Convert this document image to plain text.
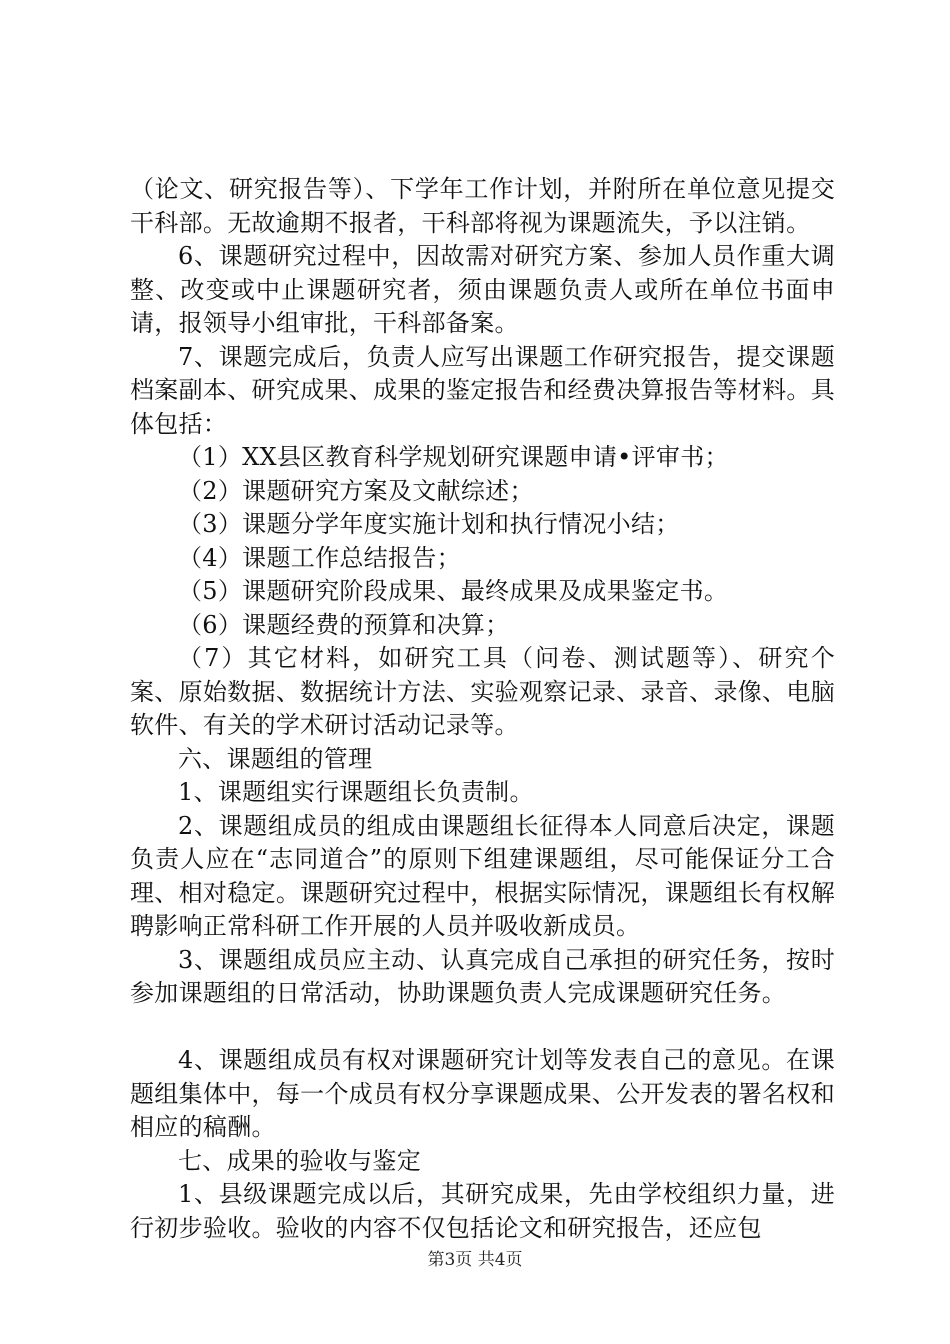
（论文、研究报告等）、下学年工作计划，并附所在单位意见提交干科部。无故逾期不报者，干科部将视为课题流失，予以注销。

6、课题研究过程中，因故需对研究方案、参加人员作重大调整、改变或中止课题研究者，须由课题负责人或所在单位书面申请，报领导小组审批，干科部备案。

7、课题完成后，负责人应写出课题工作研究报告，提交课题档案副本、研究成果、成果的鉴定报告和经费决算报告等材料。具体包括：

（1）XX县区教育科学规划研究课题申请•评审书；

（2）课题研究方案及文献综述；

（3）课题分学年度实施计划和执行情况小结；

（4）课题工作总结报告；

（5）课题研究阶段成果、最终成果及成果鉴定书。

（6）课题经费的预算和决算；

（7）其它材料，如研究工具（问卷、测试题等）、研究个案、原始数据、数据统计方法、实验观察记录、录音、录像、电脑软件、有关的学术研讨活动记录等。

六、课题组的管理

1、课题组实行课题组长负责制。

2、课题组成员的组成由课题组长征得本人同意后决定，课题负责人应在“志同道合”的原则下组建课题组，尽可能保证分工合理、相对稳定。课题研究过程中，根据实际情况，课题组长有权解聘影响正常科研工作开展的人员并吸收新成员。

3、课题组成员应主动、认真完成自己承担的研究任务，按时参加课题组的日常活动，协助课题负责人完成课题研究任务。

4、课题组成员有权对课题研究计划等发表自己的意见。在课题组集体中，每一个成员有权分享课题成果、公开发表的署名权和相应的稿酬。

七、成果的验收与鉴定

1、县级课题完成以后，其研究成果，先由学校组织力量，进行初步验收。验收的内容不仅包括论文和研究报告，还应包

第3页 共4页
